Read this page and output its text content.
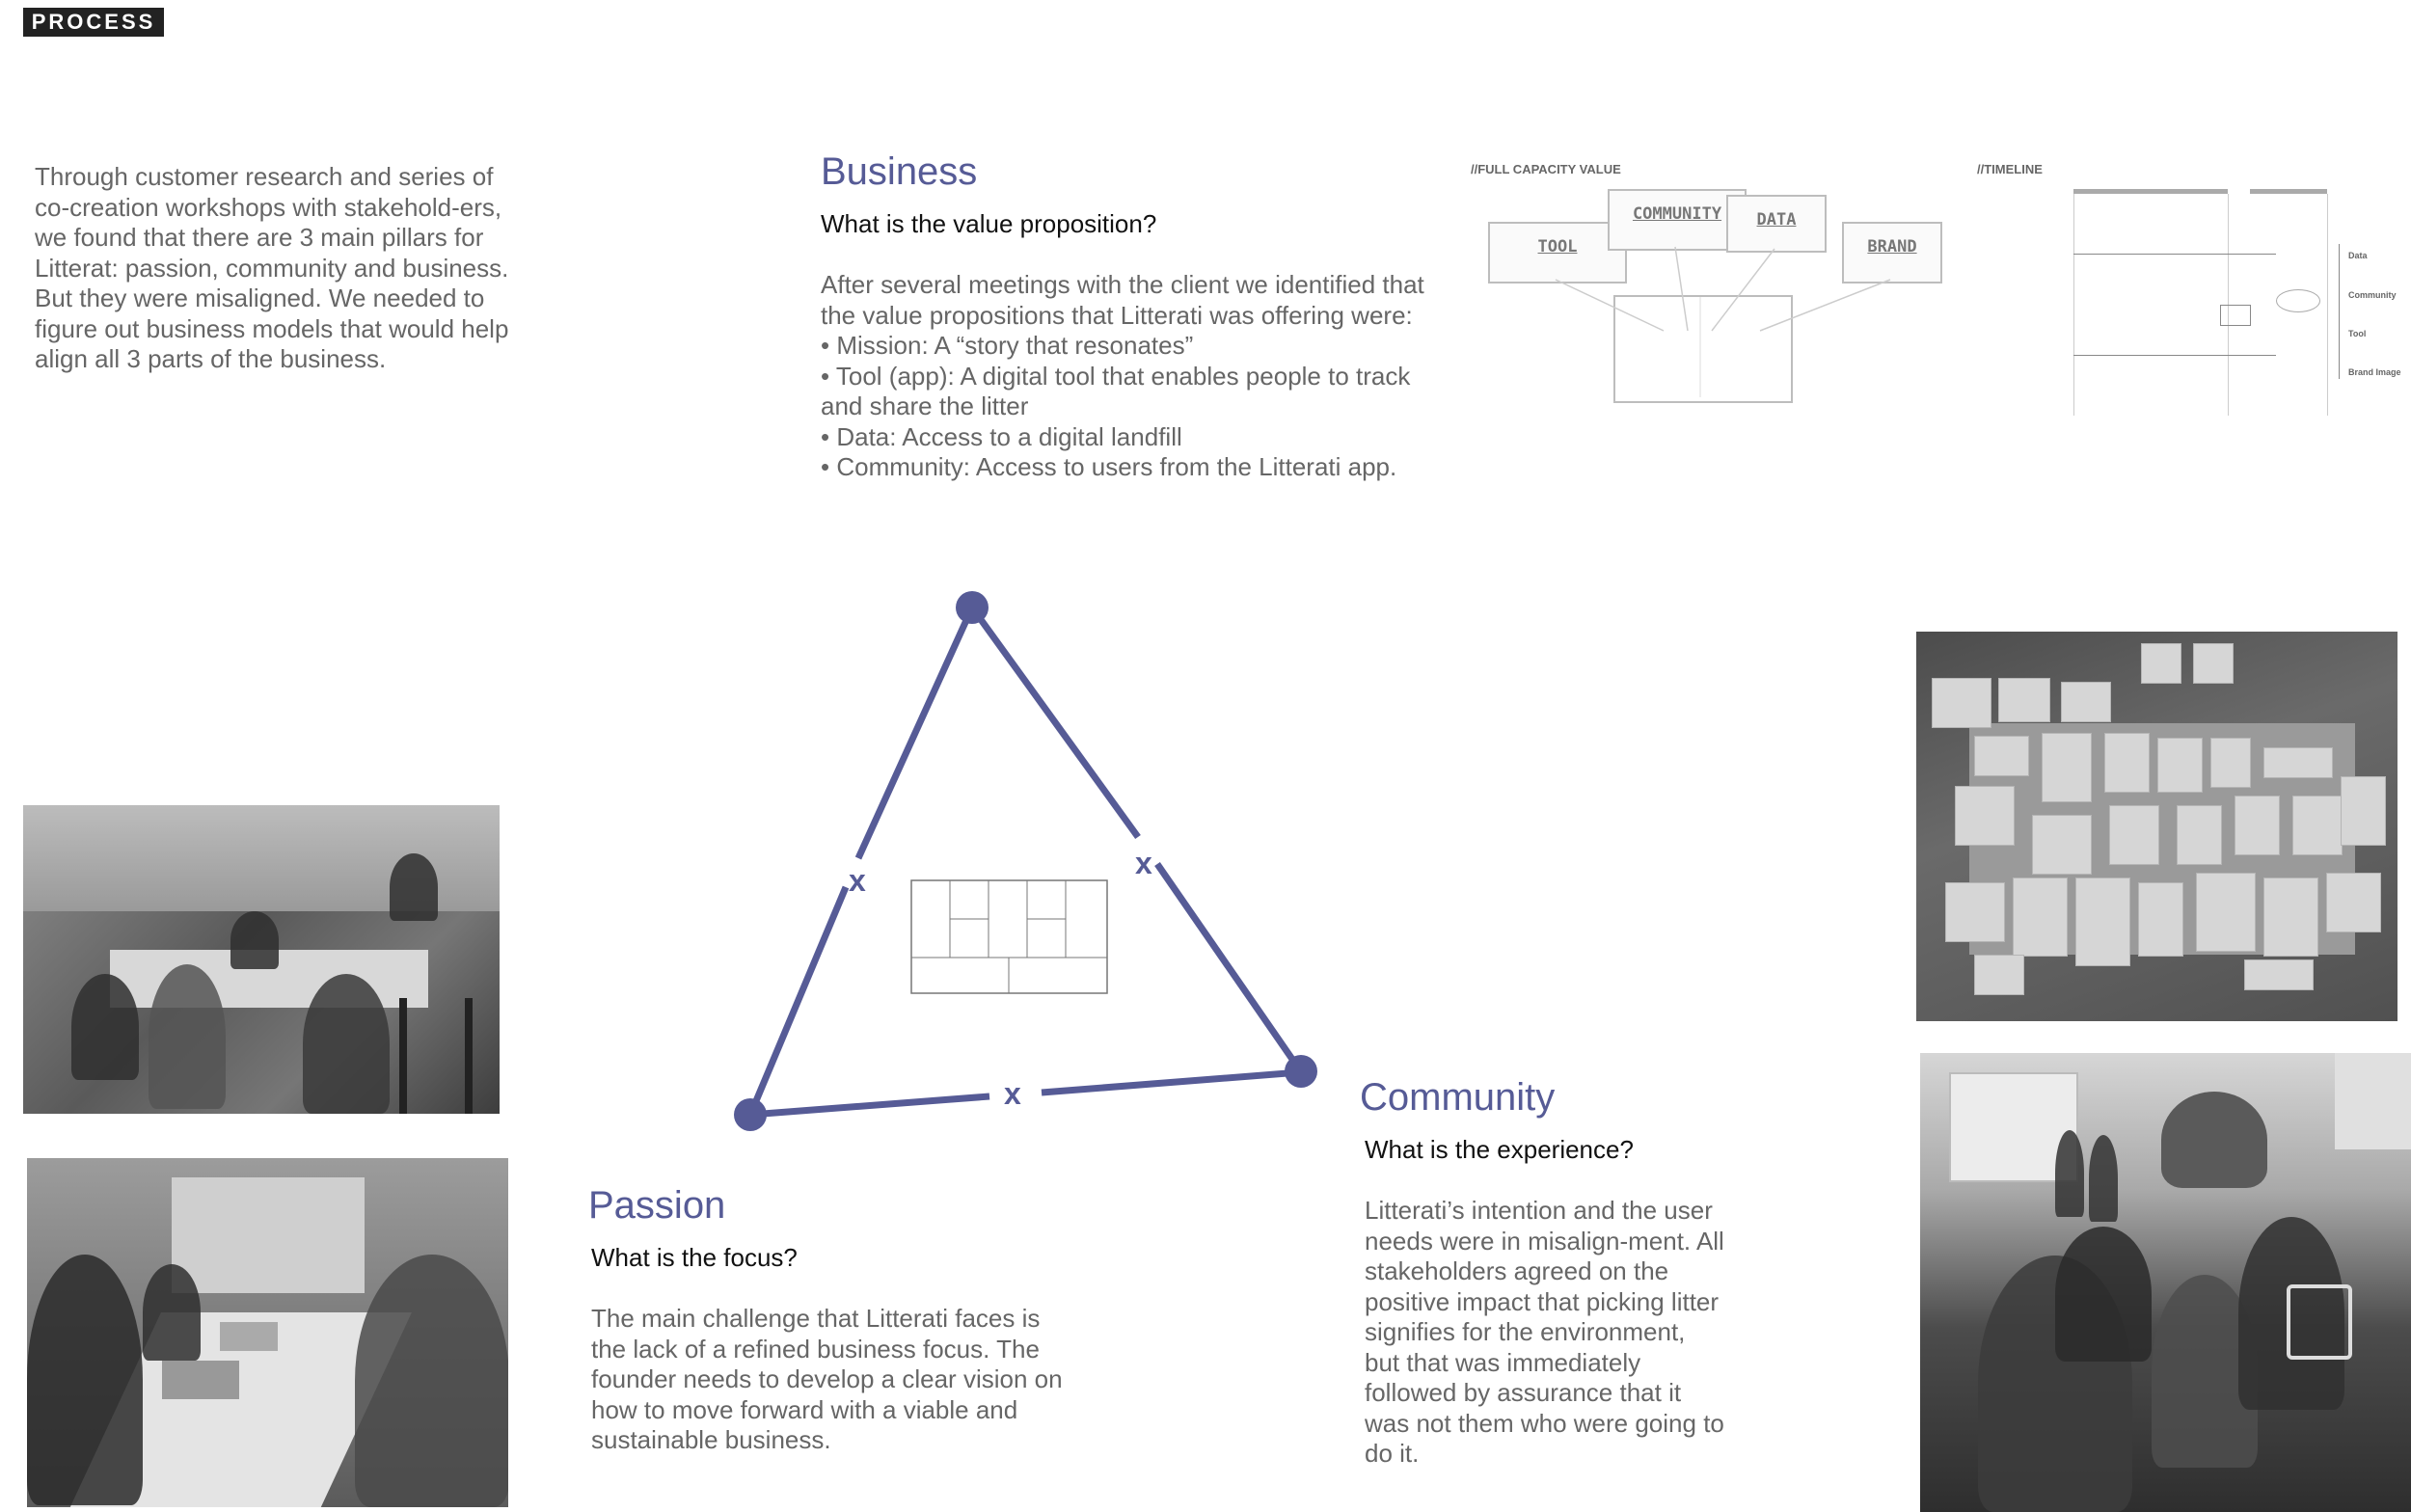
PROCESS
Through customer research and series of co-creation workshops with stakehold-ers, we found that there are 3 main pillars for Litterat: passion, community and business. But they were misaligned. We needed to figure out business models that would help align all 3 parts of the business.
Business

What is the value proposition?

After several meetings with the client we identified that the value propositions that Litterati was offering were:
• Mission: A “story that resonates”
• Tool (app): A digital tool that enables people to track and share the litter
• Data: Access to a digital landfill
• Community: Access to users from the Litterati app.
//FULL CAPACITY VALUE
TOOL
COMMUNITY	DATA
BRAND
//TIMELINE
Data
Community
Tool
Brand Image
x	x
x
Passion

What is the focus?

The main challenge that Litterati faces is the lack of a refined business focus. The founder needs to develop a clear vision on how to move forward with a viable and sustainable business.

Community

What is the experience?

Litterati’s intention and the user needs were in misalign-ment. All stakeholders agreed on the positive impact that picking litter signifies for the environment, but that was immediately followed by assurance that it was not them who were going to do it.
